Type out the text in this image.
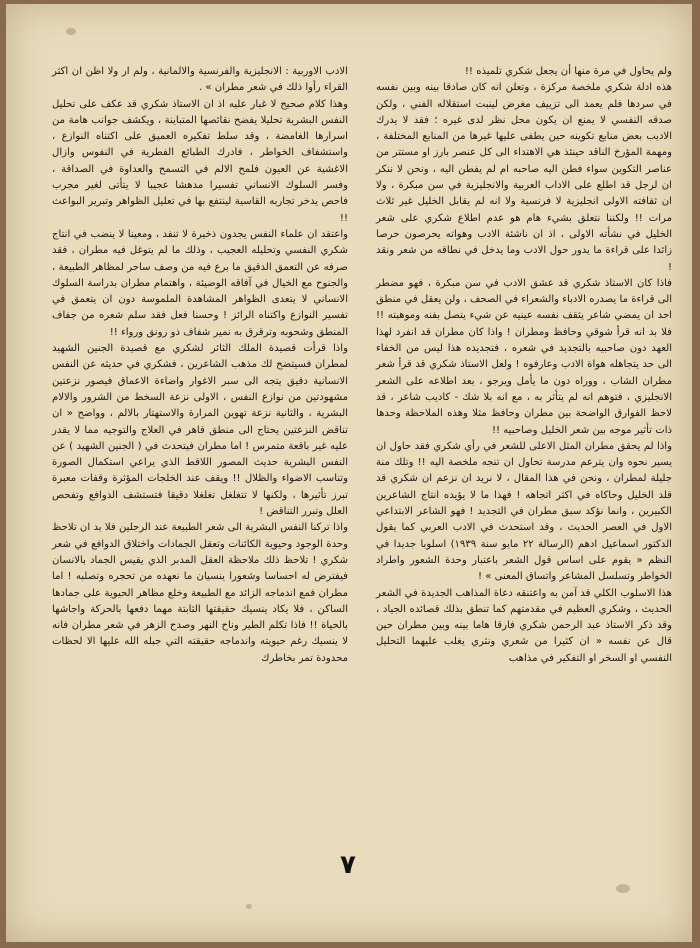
ولم يحاول في مرة منها أن يجعل شكري تلميذه !!

هذه ادلة شكري ملخصة مركزة ، وتعلن انه كان صادقا بينه وبين نفسه في سردها فلم يعمد الى تزييف مغرض لينبت استقلاله الفني ، ولكن صدقه النفسي لا يمنع ان يكون محل نظر لدى غيره ؛ فقد لا يدرك الاديب بعض منابع تكوينه حين يطفى عليها غيرها من المنابع المختلفة ، ومهمة المؤرخ الناقد حينئذ هي الاهتداء الى كل عنصر بارز او مستتر من عناصر التكوين سواء فطن اليه صاحبه ام لم يفطن اليه ، ونحن لا ننكر ان لرجل قد اطلع على الاداب العربية والانجليزية في سن مبكرة ، ولا ان ثقافته الاولى انجليزية لا فرنسية ولا انه لم يقابل الخليل غير ثلاث مرات !! ولكننا نتعلق بشيء هام هو عدم اطلاع شكري على شعر الخليل في نشأته الاولى ، اذ ان ناشئة الادب وهواته يحرصون حرصا زائدا على قراءة ما يدور حول الادب وما يدخل في نطاقه من شعر ونقد !

فاذا كان الاستاذ شكري قد عشق الادب في سن مبكرة ، فهو مضطر الى قراءة ما يصدره الادباء والشعراء في الصحف ، ولن يعقل في منطق احد ان يمضي شاعر يثقف نفسه عينيه عن شيء يتصل بفنه وموهبته !! فلا بد انه قرأ شوقي وحافظ ومطران ! واذا كان مطران قد انفرد لهذا العهد دون صاحبيه بالتجديد في شعره ، فتجديده هذا ليس من الخفاء الى حد يتجاهله هواة الادب وعارفوه ! ولعل الاستاذ شكري قد قرأ شعر مطران الشاب ، ووراه دون ما يأمل ويرجو ، بعد اطلاعه على الشعر الانجليزي ، فتوهم انه لم يتأثر به ، مع انه بلا شك - كاديب شاعر ، قد لاحظ الفوارق الواضحة بين مطران وحافظ مثلا وهذه الملاحظة وحدها ذات تأثير موجه بين شعر الخليل وصاحبيه !!

واذا لم يحقق مطران المثل الاعلى للشعر في رأي شكري فقد حاول ان يسير نحوه وان يترعم مدرسة تحاول ان تنجه ملخصة اليه !! وتلك منة جليلة لمطران ، ونحن في هذا المقال ، لا نريد ان نزعم ان شكري قد قلد الخليل وحاكاه في اكثر اتجاهه ! فهذا ما لا يؤيده انتاج الشاعرين الكبيرين ، وانما نؤكد سبق مطران في التجديد ! فهو الشاعر الابتداعي الاول في العصر الحديث ، وقد استحدث في الادب العربي كما يقول الدكتور اسماعيل ادهم (الرسالة ٢٢ مايو سنة ١٩٣٩) اسلوبا جديدا في النظم « يقوم على اساس قول الشعر باعتبار وحدة الشعور واطراد الخواطر وتسلسل المشاعر واتساق المعنى » !

هذا الاسلوب الكلي قد آمن به واعتنقه دعاة المذاهب الجديدة في الشعر الحديث ، وشكري العظيم في مقدمتهم كما تنطق بذلك قصائده الجياد ، وقد ذكر الاستاذ عبد الرحمن شكري فارقا هاما بينه وبين مطران حين قال عن نفسه « ان كثيرا من شعري ونثري يغلب عليهما التحليل النفسي او السخر او التفكير في مذاهب

الادب الاوربية : الانجليزية والفرنسية والالمانية ، ولم ار ولا اظن ان اكثر القراء رأوا ذلك في شعر مطران » .

وهذا كلام صحيح لا غبار عليه اذ ان الاستاذ شكري قد عكف على تحليل النفس البشرية تحليلا يفضح نقائصها المتباينة ، ويكشف جوانب هامة من اسرارها الغامضة ، وقد سلط تفكيره العميق على اكتناه النوازع ، واستشفاف الخواطر ، فادرك الطبائع الفطرية في النفوس وازال الاغشية عن العيون فلمح الالم في التسمح والعداوة في الصداقة ، وفسر السلوك الانساني تفسيرا مدهشا عجيبا لا يتأتى لغير مجرب فاحص يدخر تجاربه القاسية لينتفع بها في تعليل الظواهر وتبرير البواعث !!

واعتقد ان علماء النفس يجدون ذخيرة لا تنفد ، ومعينا لا ينضب في انتاج شكري النفسي وتحليله العجيب ، وذلك ما لم يتوغل فيه مطران ، فقد صرفه عن التعمق الدقيق ما برع فيه من وصف ساحر لمظاهر الطبيعة ، والجنوح مع الخيال في آفاقه الوضيئة ، واهتمام مطران بدراسة السلوك الانساني لا يتعدى الظواهر المشاهدة الملموسة دون ان يتعمق في تفسير النوازع واكتناه الرائز ! وحسنا فعل فقد سلم شعره من جفاف المنطق وشحوبه وترقرق به نمير شفاف ذو رونق ورواء !!

واذا قرأت قصيدة الملك الثائر لشكري مع قصيدة الجنين الشهيد لمطران فسيتضح لك مذهب الشاعرين ، فشكري في حديثه عن النفس الانسانية دقيق يتجه الى سبر الاغوار واضاءة الاعماق فيصور نزعتين مشهودتين من نوازع النفس ، الاولى نزعة السخط من الشرور والالام البشرية ، والثانية نزعة تهوين المرارة والاستهتار بالالم ، وواضح « ان تناقض النزعتين يحتاج الى منطق قاهر في العلاج والتوجيه مما لا يقدر عليه غير باقعة متمرس ! اما مطران فيتحدث في ( الجنين الشهيد ) عن النفس البشرية حديث المصور اللاقط الذي يراعي استكمال الصورة وتناسب الاضواء والظلال !! ويقف عند الخلجات المؤثرة وقفات معبرة تبرز تأثيرها ، ولكنها لا تتغلغل تغلغلا دقيقا فتستشف الدوافع وتفحص العلل وتبرر التناقض !

واذا تركنا النفس البشرية الى شعر الطبيعة عند الرجلين فلا بد ان تلاحظ وحدة الوجود وحيوية الكائنات وتعقل الجمادات واختلاق الدوافع في شعر شكري ! تلاحظ ذلك ملاحظة العقل المدبر الذي يقيس الجماد بالانسان فيفترض له احساسا وشعورا ينسيان ما نعهده من تحجره وتصلبه ! اما مطران فمع اندماجه الزائد مع الطبيعة وخلع مظاهر الحيوية على جمادها الساكن ، فلا يكاد ينسيك حقيقتها الثابتة مهما دفعها بالحركة واجاشها بالحياة !! فاذا تكلم الطير وناح النهر وصدح الزهر في شعر مطران فانه لا ينسيك رغم حيويته واندماجه حقيقته التي جبله الله عليها الا لحظات محدودة تمر بخاطرك

٧
